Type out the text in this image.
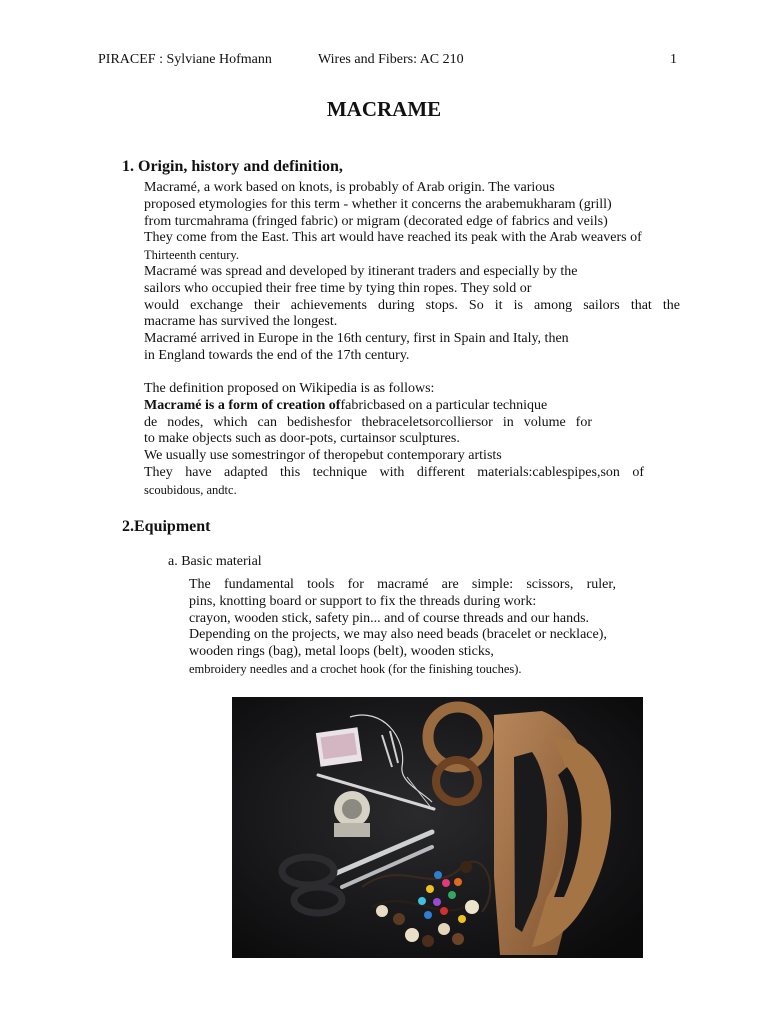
PIRACEF : Sylviane Hofmann	Wires and Fibers: AC 210	1
MACRAME
1. Origin, history and definition,
Macramé, a work based on knots, is probably of Arab origin. The various
proposed etymologies for this term - whether it concerns the arabemukharam (grill)
from turcmahrama (fringed fabric) or migram (decorated edge of fabrics and veils)
They come from the East. This art would have reached its peak with the Arab weavers of
Thirteenth century.
Macramé was spread and developed by itinerant traders and especially by the
sailors who occupied their free time by tying thin ropes. They sold or
would exchange their achievements during stops. So it is among sailors that the
macrame has survived the longest.
Macramé arrived in Europe in the 16th century, first in Spain and Italy, then
in England towards the end of the 17th century.
The definition proposed on Wikipedia is as follows:
Macramé is a form of creation offabricbased on a particular technique
de nodes, which can bedishesfor thebraceletsorcolliersor in volume for
to make objects such as door-pots, curtainsor sculptures.
We usually use somestringor of theropebut contemporary artists
They have adapted this technique with different materials:cablespipes,son of
scoubidous, andtc.
2.Equipment
a. Basic material
The fundamental tools for macramé are simple: scissors, ruler,
pins, knotting board or support to fix the threads during work:
crayon, wooden stick, safety pin... and of course threads and our hands.
Depending on the projects, we may also need beads (bracelet or necklace),
wooden rings (bag), metal loops (belt), wooden sticks,
embroidery needles and a crochet hook (for the finishing touches).
